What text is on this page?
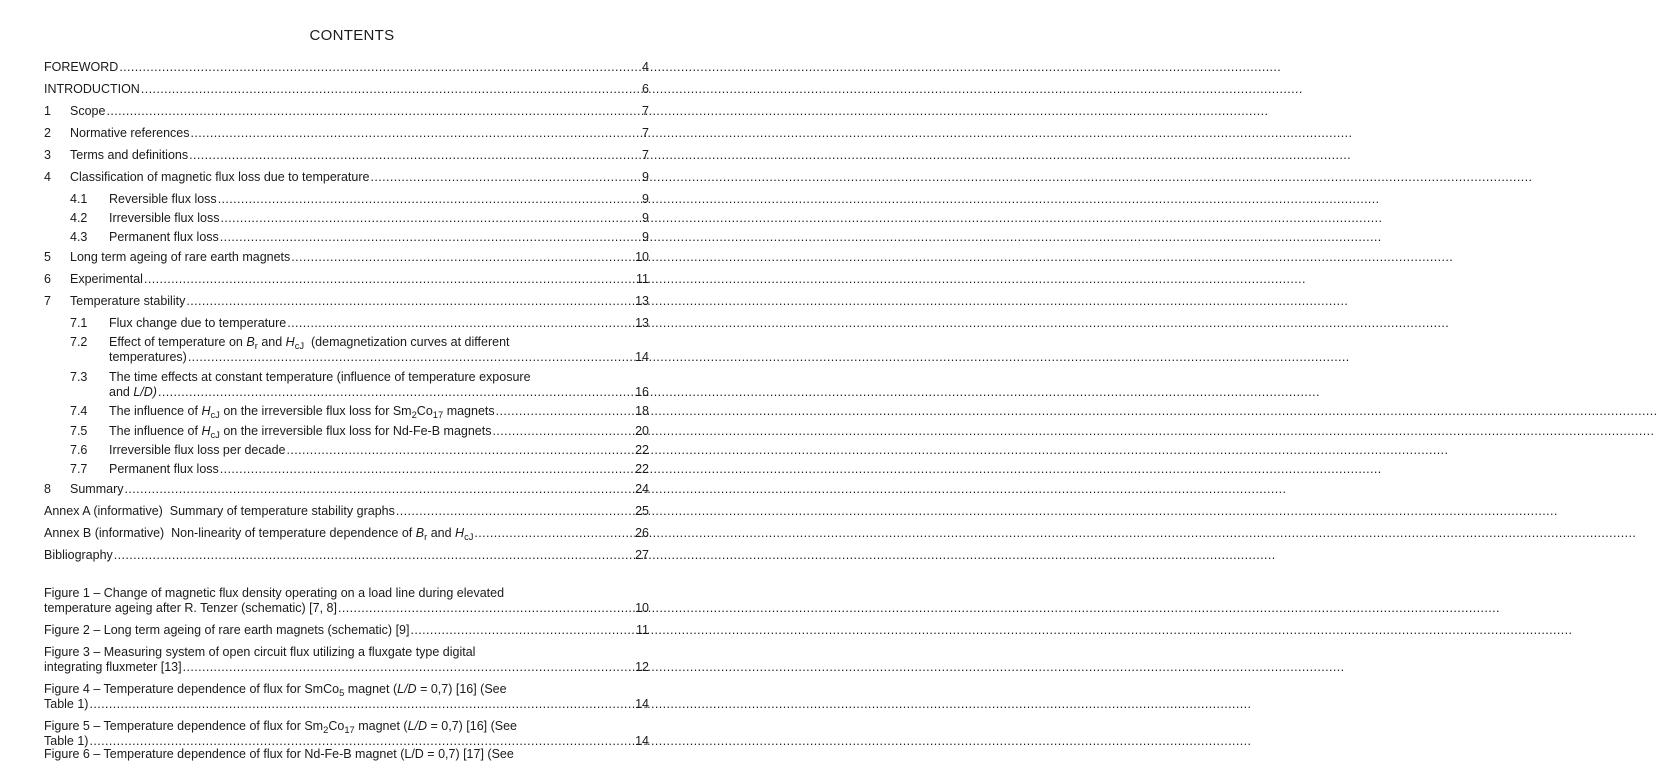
CONTENTS
FOREWORD .....	4
INTRODUCTION .....	6
1	Scope .....	7
2	Normative references .....	7
3	Terms and definitions .....	7
4	Classification of magnetic flux loss due to temperature .....	9
4.1	Reversible flux loss .....	9
4.2	Irreversible flux loss .....	9
4.3	Permanent flux loss .....	9
5	Long term ageing of rare earth magnets .....	10
6	Experimental .....	11
7	Temperature stability .....	13
7.1	Flux change due to temperature .....	13
7.2 Effect of temperature on $B_r$ and $H_{cJ}$ (demagnetization curves at different
temperatures) .....	14
7.3 The time effects at constant temperature (influence of temperature exposure
and L/D) .....	16
7.4	The influence of $H_{cJ}$ on the irreversible flux loss for $Sm_2Co_{17}$ magnets .....	18
7.5	The influence of $H_{cJ}$ on the irreversible flux loss for Nd-Fe-B magnets .....	20
7.6	Irreversible flux loss per decade .....	22
7.7	Permanent flux loss .....	22
8	Summary .....	24
Annex A (informative)  Summary of temperature stability graphs .....	25
Annex B (informative)  Non-linearity of temperature dependence of $B_r$ and $H_{cJ}$ .....	26
Bibliography .....	27
Figure 1 – Change of magnetic flux density operating on a load line during elevated
temperature ageing after R. Tenzer (schematic) [7, 8] .....	10
Figure 2 – Long term ageing of rare earth magnets (schematic) [9] .....	11
Figure 3 – Measuring system of open circuit flux utilizing a fluxgate type digital
integrating fluxmeter [13] .....	12
Figure 4 – Temperature dependence of flux for SmCo$_5$ magnet (L/D = 0,7) [16] (See
Table 1) .....	14
Figure 5 – Temperature dependence of flux for $Sm_2Co_{17}$ magnet (L/D = 0,7) [16] (See
Table 1) .....	14
Figure 6 – Temperature dependence of flux for Nd-Fe-B magnet (L/D = 0,7) [17] (See
